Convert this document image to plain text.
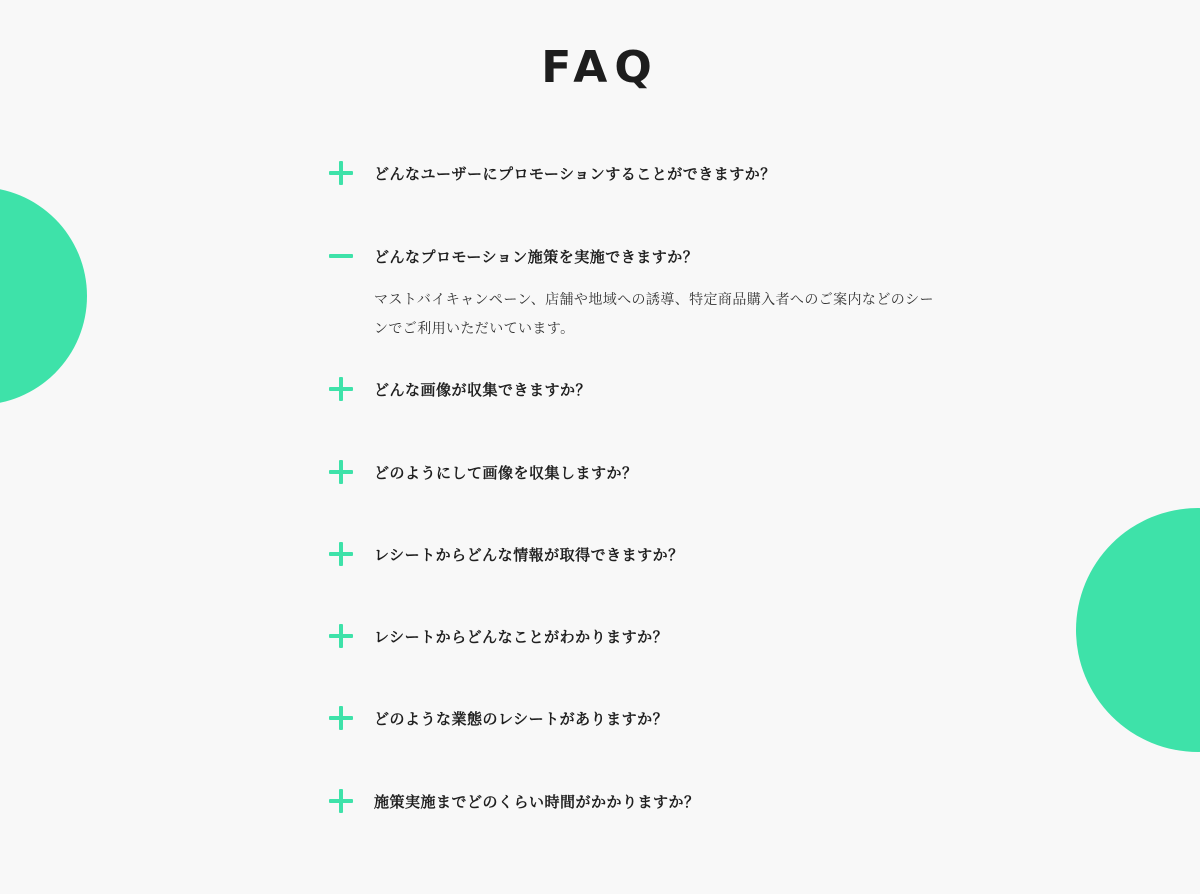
FAQ
どんなユーザーにプロモーションすることができますか？
どんなプロモーション施策を実施できますか？
マストバイキャンペーン、店舗や地域への誘導、特定商品購入者へのご案内などのシーンでご利用いただいています。
どんな画像が収集できますか？
どのようにして画像を収集しますか？
レシートからどんな情報が取得できますか？
レシートからどんなことがわかりますか？
どのような業態のレシートがありますか？
施策実施までどのくらい時間がかかりますか？
